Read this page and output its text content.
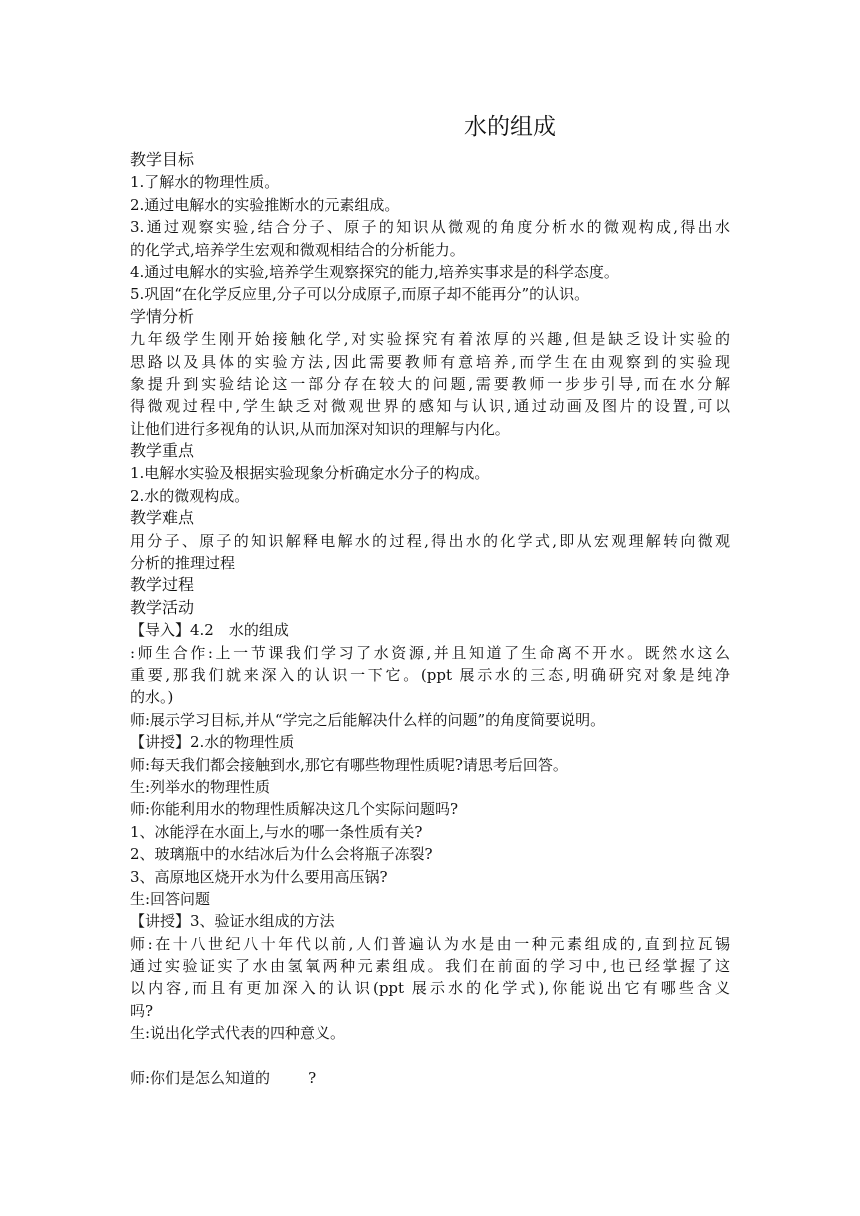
水的组成
教学目标
1.了解水的物理性质。
2.通过电解水的实验推断水的元素组成。
3.通过观察实验,结合分子、原子的知识从微观的角度分析水的微观构成,得出水
的化学式,培养学生宏观和微观相结合的分析能力。
4.通过电解水的实验,培养学生观察探究的能力,培养实事求是的科学态度。
5.巩固“在化学反应里,分子可以分成原子,而原子却不能再分”的认识。
学情分析
九年级学生刚开始接触化学,对实验探究有着浓厚的兴趣,但是缺乏设计实验的
思路以及具体的实验方法,因此需要教师有意培养,而学生在由观察到的实验现
象提升到实验结论这一部分存在较大的问题,需要教师一步步引导,而在水分解
得微观过程中,学生缺乏对微观世界的感知与认识,通过动画及图片的设置,可以
让他们进行多视角的认识,从而加深对知识的理解与内化。
教学重点
1.电解水实验及根据实验现象分析确定水分子的构成。
2.水的微观构成。
教学难点
用分子、原子的知识解释电解水的过程,得出水的化学式,即从宏观理解转向微观
分析的推理过程
教学过程
教学活动
【导入】4.2　水的组成
:师生合作:上一节课我们学习了水资源,并且知道了生命离不开水。既然水这么
重要,那我们就来深入的认识一下它。(ppt 展示水的三态,明确研究对象是纯净
的水。)
师:展示学习目标,并从“学完之后能解决什么样的问题”的角度简要说明。
【讲授】2.水的物理性质
师:每天我们都会接触到水,那它有哪些物理性质呢?请思考后回答。
生:列举水的物理性质
师:你能利用水的物理性质解决这几个实际问题吗?
1、冰能浮在水面上,与水的哪一条性质有关?
2、玻璃瓶中的水结冰后为什么会将瓶子冻裂?
3、高原地区烧开水为什么要用高压锅?
生:回答问题
【讲授】3、验证水组成的方法
师:在十八世纪八十年代以前,人们普遍认为水是由一种元素组成的,直到拉瓦锡
通过实验证实了水由氢氧两种元素组成。我们在前面的学习中,也已经掌握了这
以内容,而且有更加深入的认识(ppt 展示水的化学式),你能说出它有哪些含义
吗?
生:说出化学式代表的四种意义。
师:你们是怎么知道的	?
